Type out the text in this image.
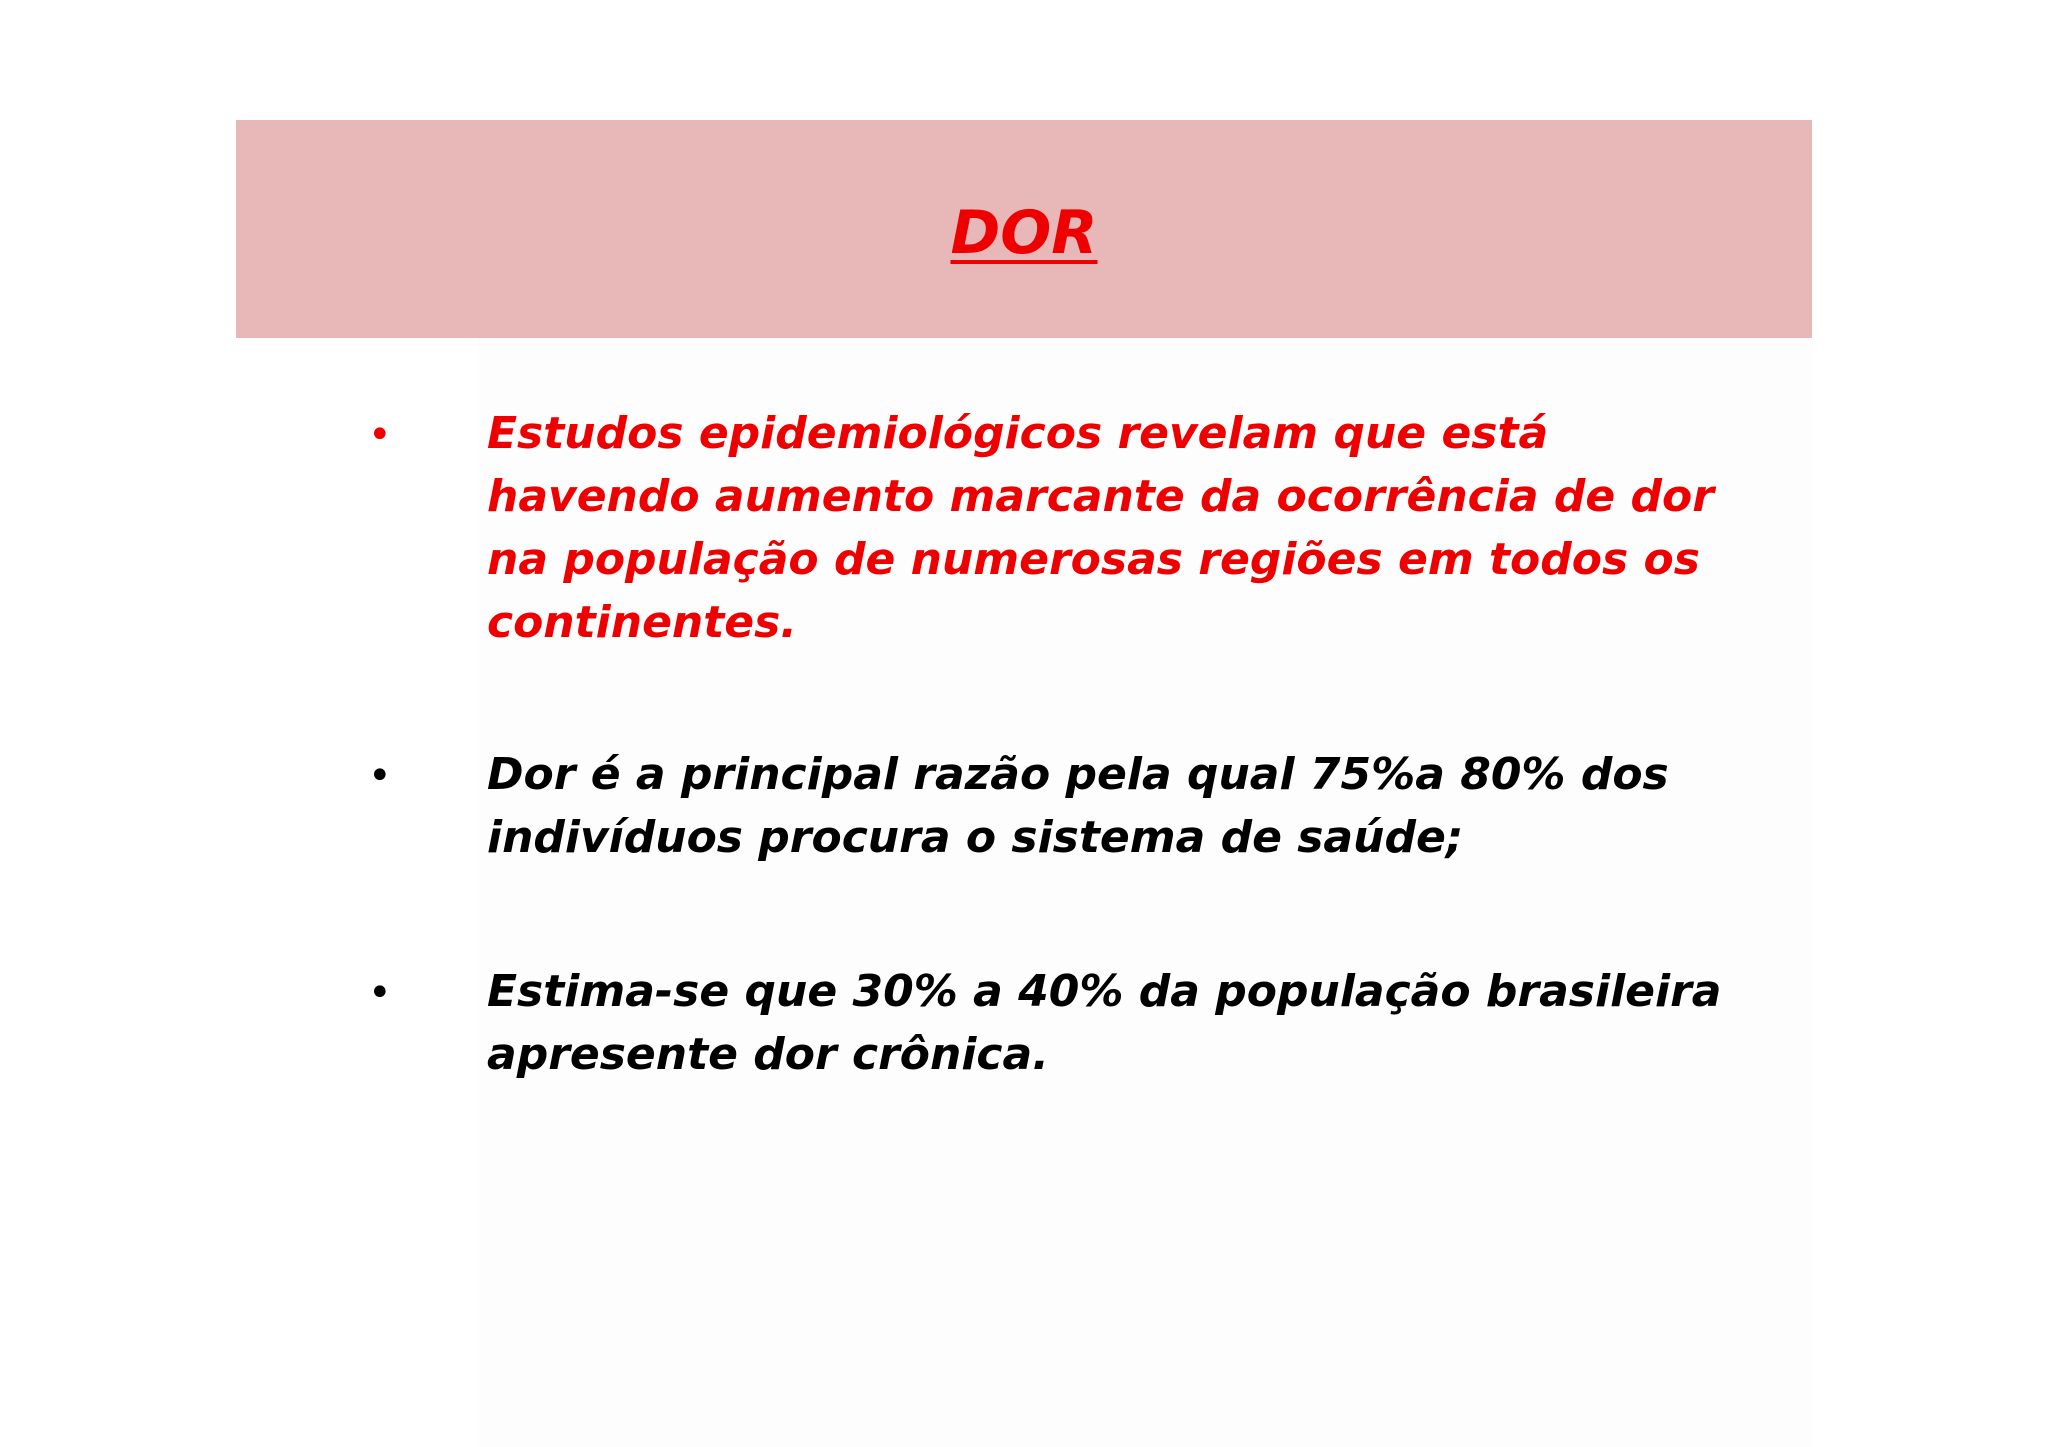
DOR
• Estudos epidemiológicos revelam que está havendo aumento marcante da ocorrência de dor na população de numerosas regiões em todos os continentes.

• Dor é a principal razão pela qual 75%a 80% dos indivíduos procura o sistema de saúde;

• Estima-se que 30% a 40% da população brasileira apresente dor crônica.
